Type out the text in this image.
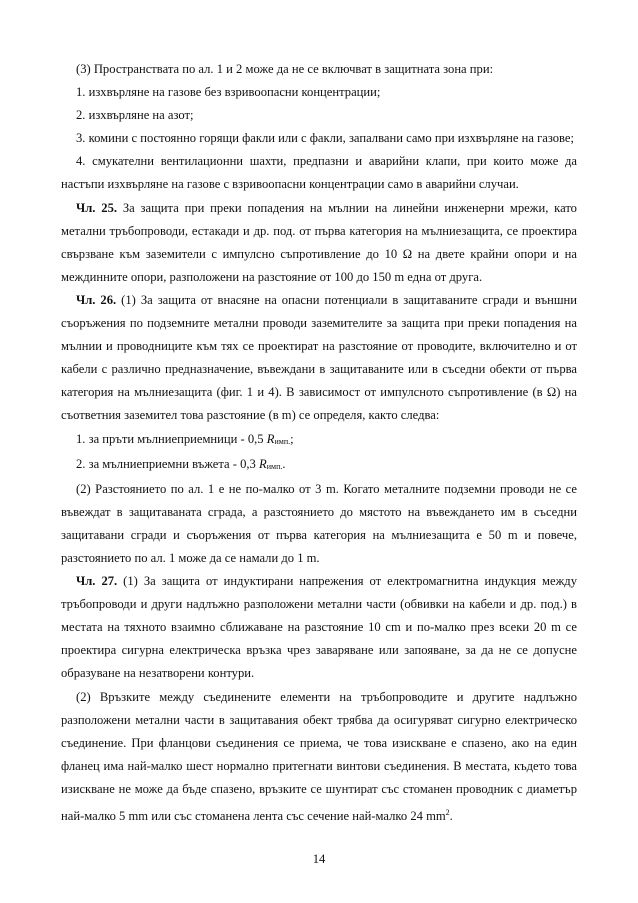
(3) Пространствата по ал. 1 и 2 може да не се включват в защитната зона при:

1. изхвърляне на газове без взривоопасни концентрации;

2. изхвърляне на азот;

3. комини с постоянно горящи факли или с факли, запалвани само при изхвърляне на газове;

4. смукателни вентилационни шахти, предпазни и аварийни клапи, при които може да настъпи изхвърляне на газове с взривоопасни концентрации само в аварийни случаи.

Чл. 25. За защита при преки попадения на мълнии на линейни инженерни мрежи, като метални тръбопроводи, естакади и др. под. от първа категория на мълниезащита, се проектира свързване към заземители с импулсно съпротивление до 10 Ω на двете крайни опори и на междинните опори, разположени на разстояние от 100 до 150 m една от друга.

Чл. 26. (1) За защита от внасяне на опасни потенциали в защитаваните сгради и външни съоръжения по подземните метални проводи заземителите за защита при преки попадения на мълнии и проводниците към тях се проектират на разстояние от проводите, включително и от кабели с различно предназначение, въвеждани в защитаваните или в съседни обекти от първа категория на мълниезащита (фиг. 1 и 4). В зависимост от импулсното съпротивление (в Ω) на съответния заземител това разстояние (в m) се определя, както следва:

1. за пръти мълниеприемници - 0,5 $R_{имп.}$;

2. за мълниеприемни въжета - 0,3 $R_{имп.}$.

(2) Разстоянието по ал. 1 е не по-малко от 3 m. Когато металните подземни проводи не се въвеждат в защитаваната сграда, а разстоянието до мястото на въвеждането им в съседни защитавани сгради и съоръжения от първа категория на мълниезащита е 50 m и повече, разстоянието по ал. 1 може да се намали до 1 m.

Чл. 27. (1) За защита от индуктирани напрежения от електромагнитна индукция между тръбопроводи и други надлъжно разположени метални части (обвивки на кабели и др. под.) в местата на тяхното взаимно сближаване на разстояние 10 cm и по-малко през всеки 20 m се проектира сигурна електрическа връзка чрез заваряване или запояване, за да не се допусне образуване на незатворени контури.

(2) Връзките между съединените елементи на тръбопроводите и другите надлъжно разположени метални части в защитавания обект трябва да осигуряват сигурно електрическо съединение. При фланцови съединения се приема, че това изискване е спазено, ако на един фланец има най-малко шест нормално притегнати винтови съединения. В местата, където това изискване не може да бъде спазено, връзките се шунтират със стоманен проводник с диаметър най-малко 5 mm или със стоманена лента със сечение най-малко 24 $mm^2$.

14
